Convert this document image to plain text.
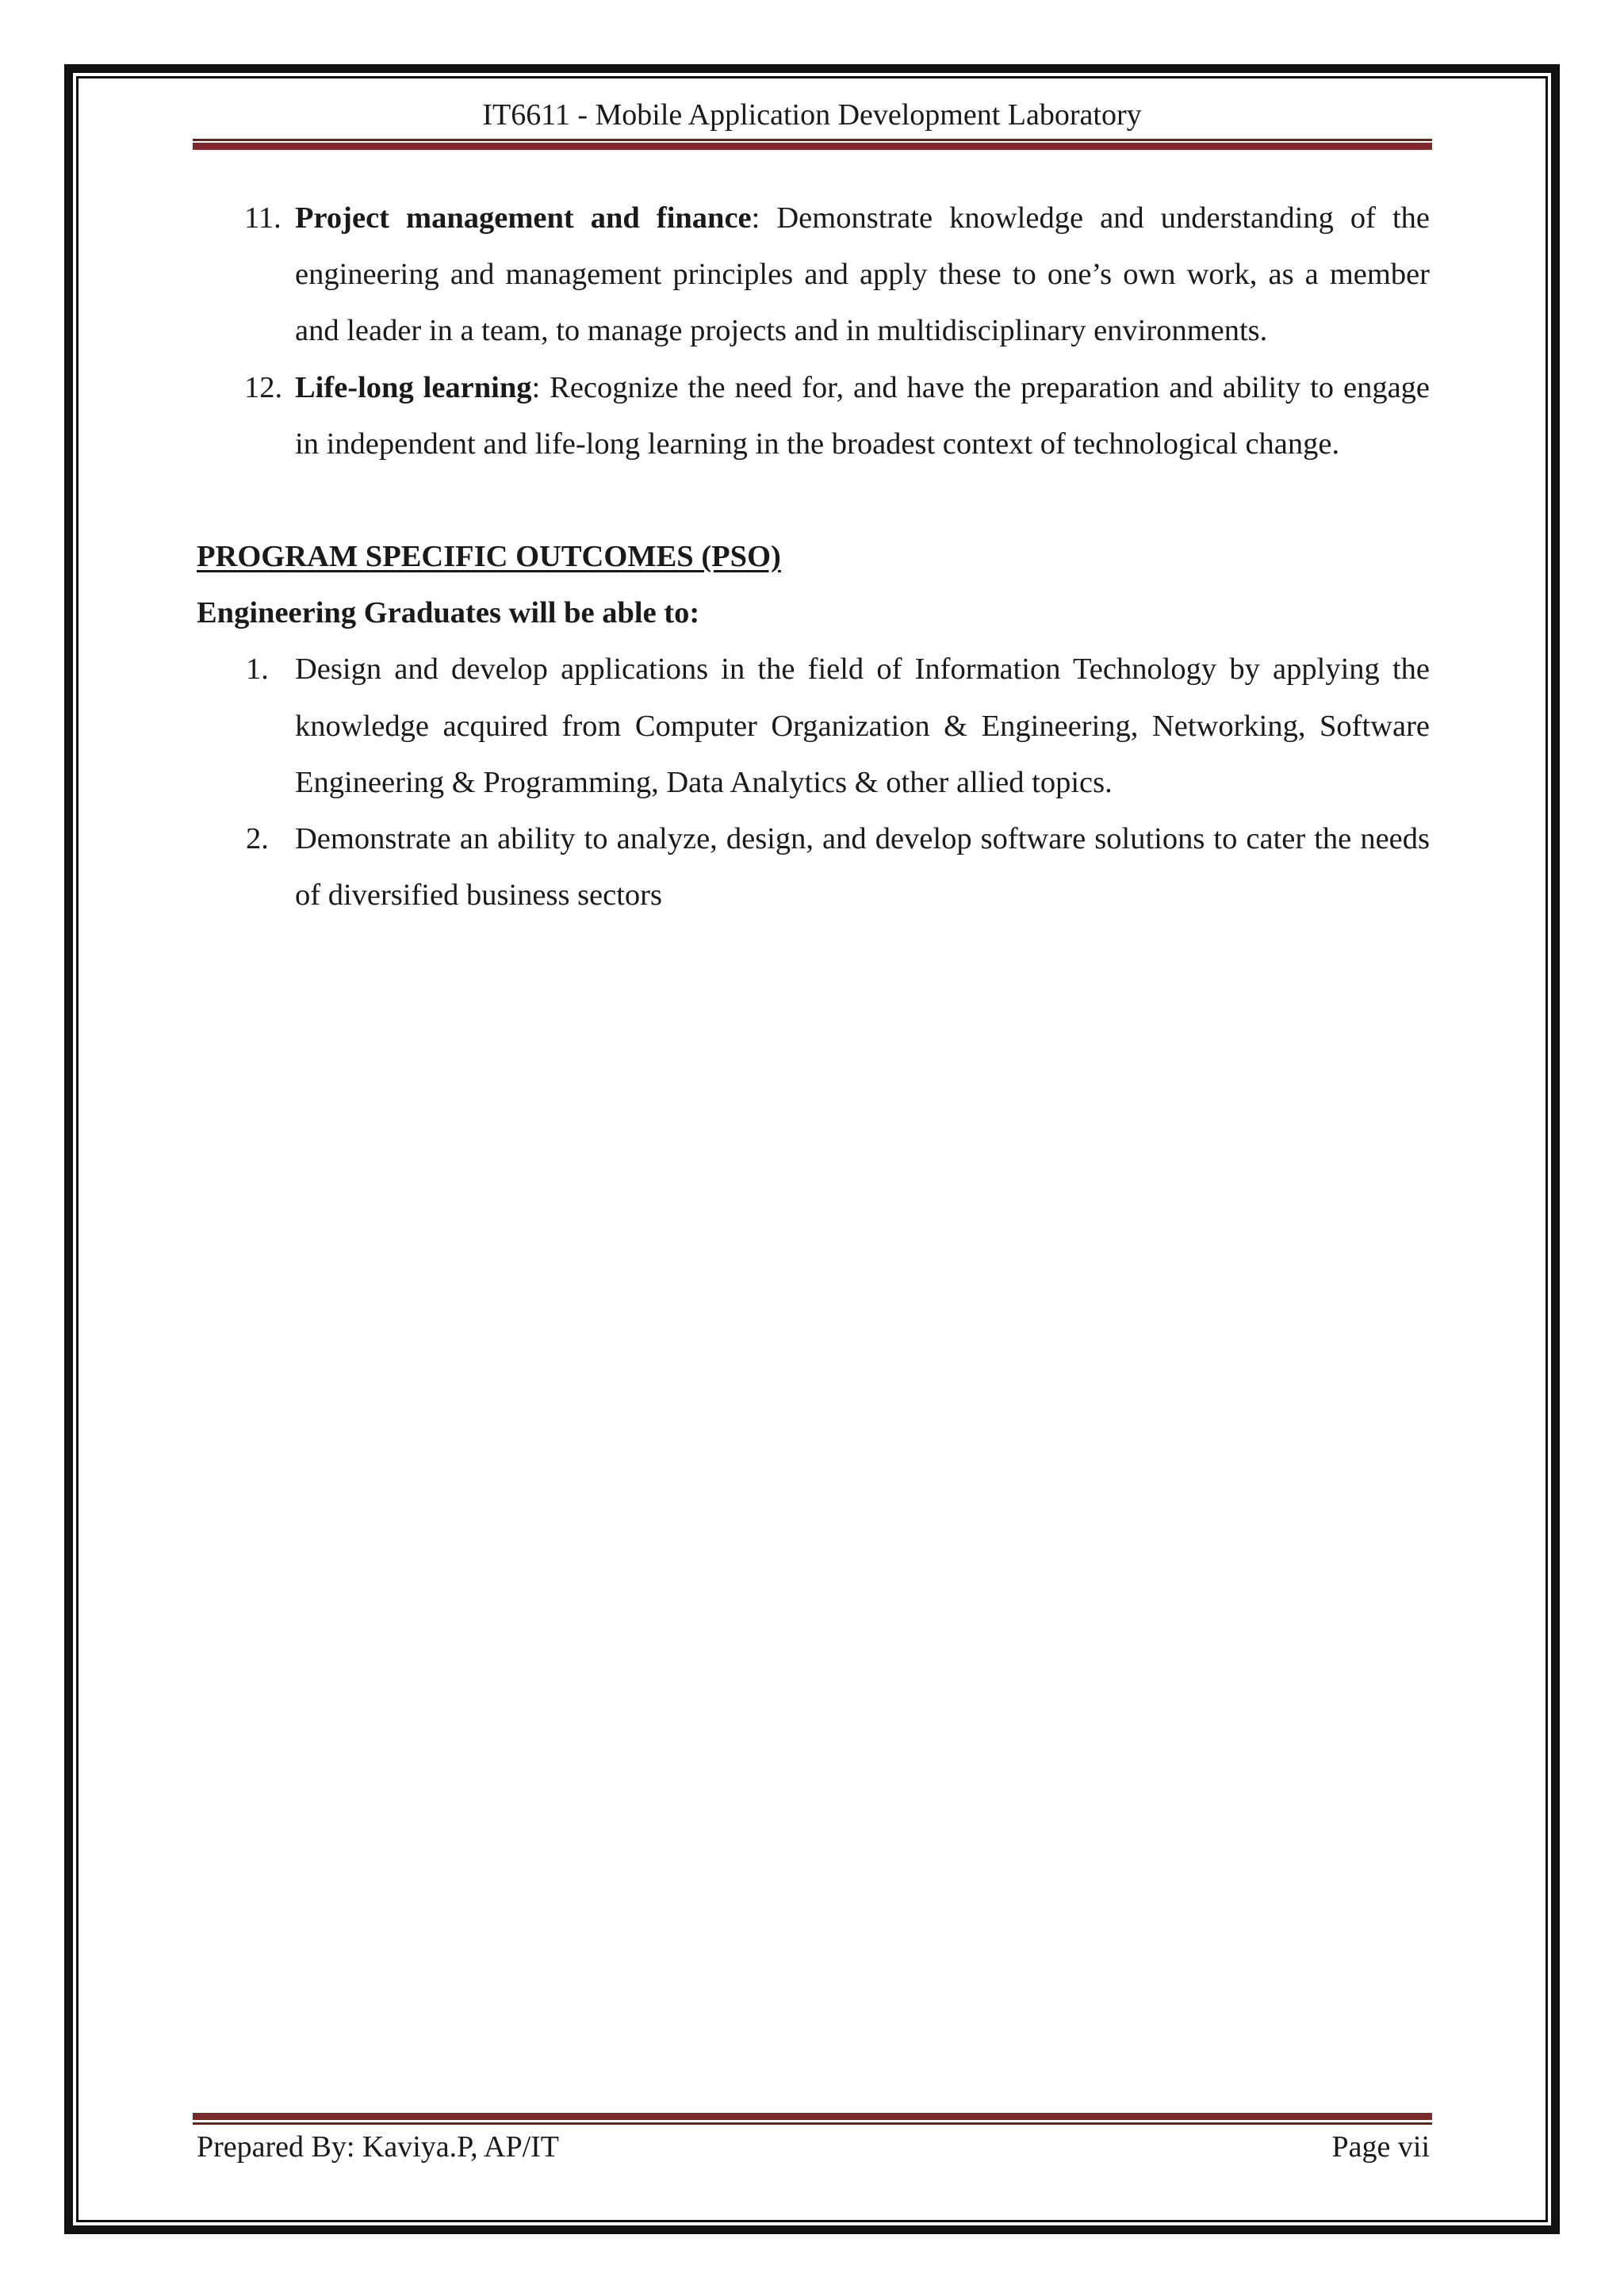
IT6611 - Mobile Application Development Laboratory
11. Project management and finance: Demonstrate knowledge and understanding of the engineering and management principles and apply these to one’s own work, as a member and leader in a team, to manage projects and in multidisciplinary environments.
12. Life-long learning: Recognize the need for, and have the preparation and ability to engage in independent and life-long learning in the broadest context of technological change.
PROGRAM SPECIFIC OUTCOMES (PSO)
Engineering Graduates will be able to:
1. Design and develop applications in the field of Information Technology by applying the knowledge acquired from Computer Organization & Engineering, Networking, Software Engineering & Programming, Data Analytics & other allied topics.
2. Demonstrate an ability to analyze, design, and develop software solutions to cater the needs of diversified business sectors
Prepared By: Kaviya.P, AP/IT	Page vii
